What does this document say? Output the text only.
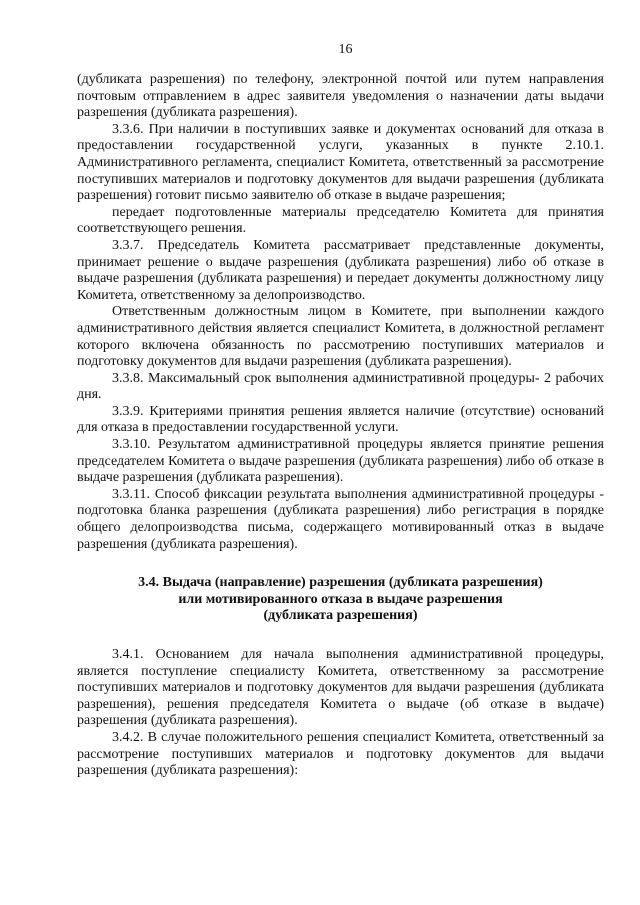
16

(дубликата разрешения) по телефону, электронной почтой или путем направления почтовым отправлением в адрес заявителя уведомления о назначении даты выдачи разрешения (дубликата разрешения).

3.3.6. При наличии в поступивших заявке и документах оснований для отказа в предоставлении государственной услуги, указанных в пункте 2.10.1. Административного регламента, специалист Комитета, ответственный за рассмотрение поступивших материалов и подготовку документов для выдачи разрешения (дубликата разрешения) готовит письмо заявителю об отказе в выдаче разрешения;

передает подготовленные материалы председателю Комитета для принятия соответствующего решения.

3.3.7. Председатель Комитета рассматривает представленные документы, принимает решение о выдаче разрешения (дубликата разрешения) либо об отказе в выдаче разрешения (дубликата разрешения) и передает документы должностному лицу Комитета, ответственному за делопроизводство.

Ответственным должностным лицом в Комитете, при выполнении каждого административного действия является специалист Комитета, в должностной регламент которого включена обязанность по рассмотрению поступивших материалов и подготовку документов для выдачи разрешения (дубликата разрешения).

3.3.8. Максимальный срок выполнения административной процедуры- 2 рабочих дня.

3.3.9. Критериями принятия решения является наличие (отсутствие) оснований для отказа в предоставлении государственной услуги.

3.3.10. Результатом административной процедуры является принятие решения председателем Комитета о выдаче разрешения (дубликата разрешения) либо об отказе в выдаче разрешения (дубликата разрешения).

3.3.11. Способ фиксации результата выполнения административной процедуры - подготовка бланка разрешения (дубликата разрешения) либо регистрация в порядке общего делопроизводства письма, содержащего мотивированный отказ в выдаче разрешения (дубликата разрешения).

3.4. Выдача (направление) разрешения (дубликата разрешения)
или мотивированного отказа в выдаче разрешения
(дубликата разрешения)

3.4.1. Основанием для начала выполнения административной процедуры, является поступление специалисту Комитета, ответственному за рассмотрение поступивших материалов и подготовку документов для выдачи разрешения (дубликата разрешения), решения председателя Комитета о выдаче (об отказе в выдаче) разрешения (дубликата разрешения).

3.4.2. В случае положительного решения специалист Комитета, ответственный за рассмотрение поступивших материалов и подготовку документов для выдачи разрешения (дубликата разрешения):
